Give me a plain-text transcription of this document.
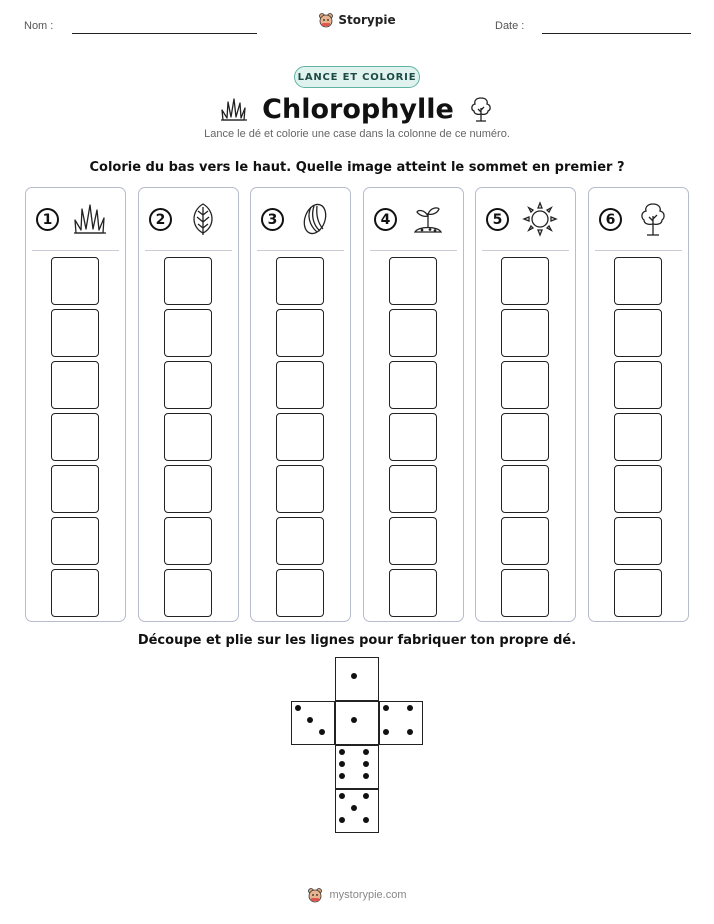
Nom :	Storypie	Date :
LANCE ET COLORIE
Chlorophylle
Lance le dé et colorie une case dans la colonne de ce numéro.
Colorie du bas vers le haut. Quelle image atteint le sommet en premier ?
1	2	3	4	5	6
Découpe et plie sur les lignes pour fabriquer ton propre dé.
mystorypie.com
